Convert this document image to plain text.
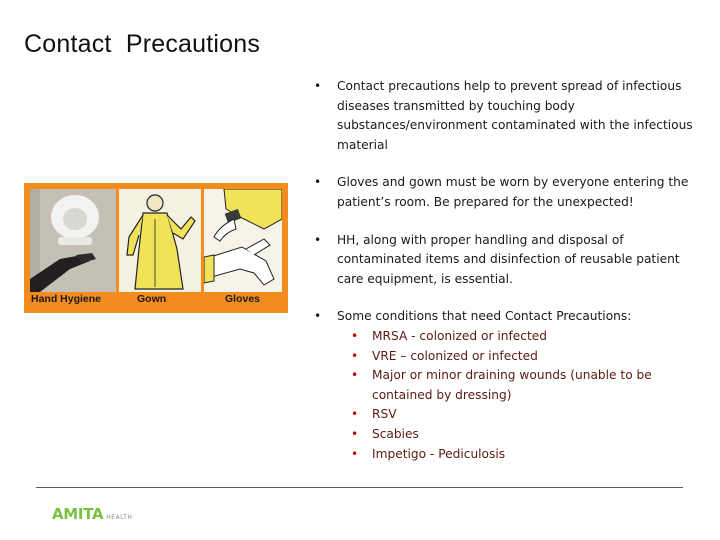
Contact  Precautions
Hand Hygiene	Gown	Gloves
• Contact precautions help to prevent spread of infectious diseases transmitted by touching body substances/environment contaminated with the infectious material
• Gloves and gown must be worn by everyone entering the patient’s room. Be prepared for the unexpected!
• HH, along with proper handling and disposal of contaminated items and disinfection of reusable patient care equipment, is essential.
• Some conditions that need Contact Precautions:
• MRSA - colonized or infected
• VRE – colonized or infected
• Major or minor draining wounds (unable to be contained by dressing)
• RSV
• Scabies
• Impetigo - Pediculosis
AMITA HEALTH
